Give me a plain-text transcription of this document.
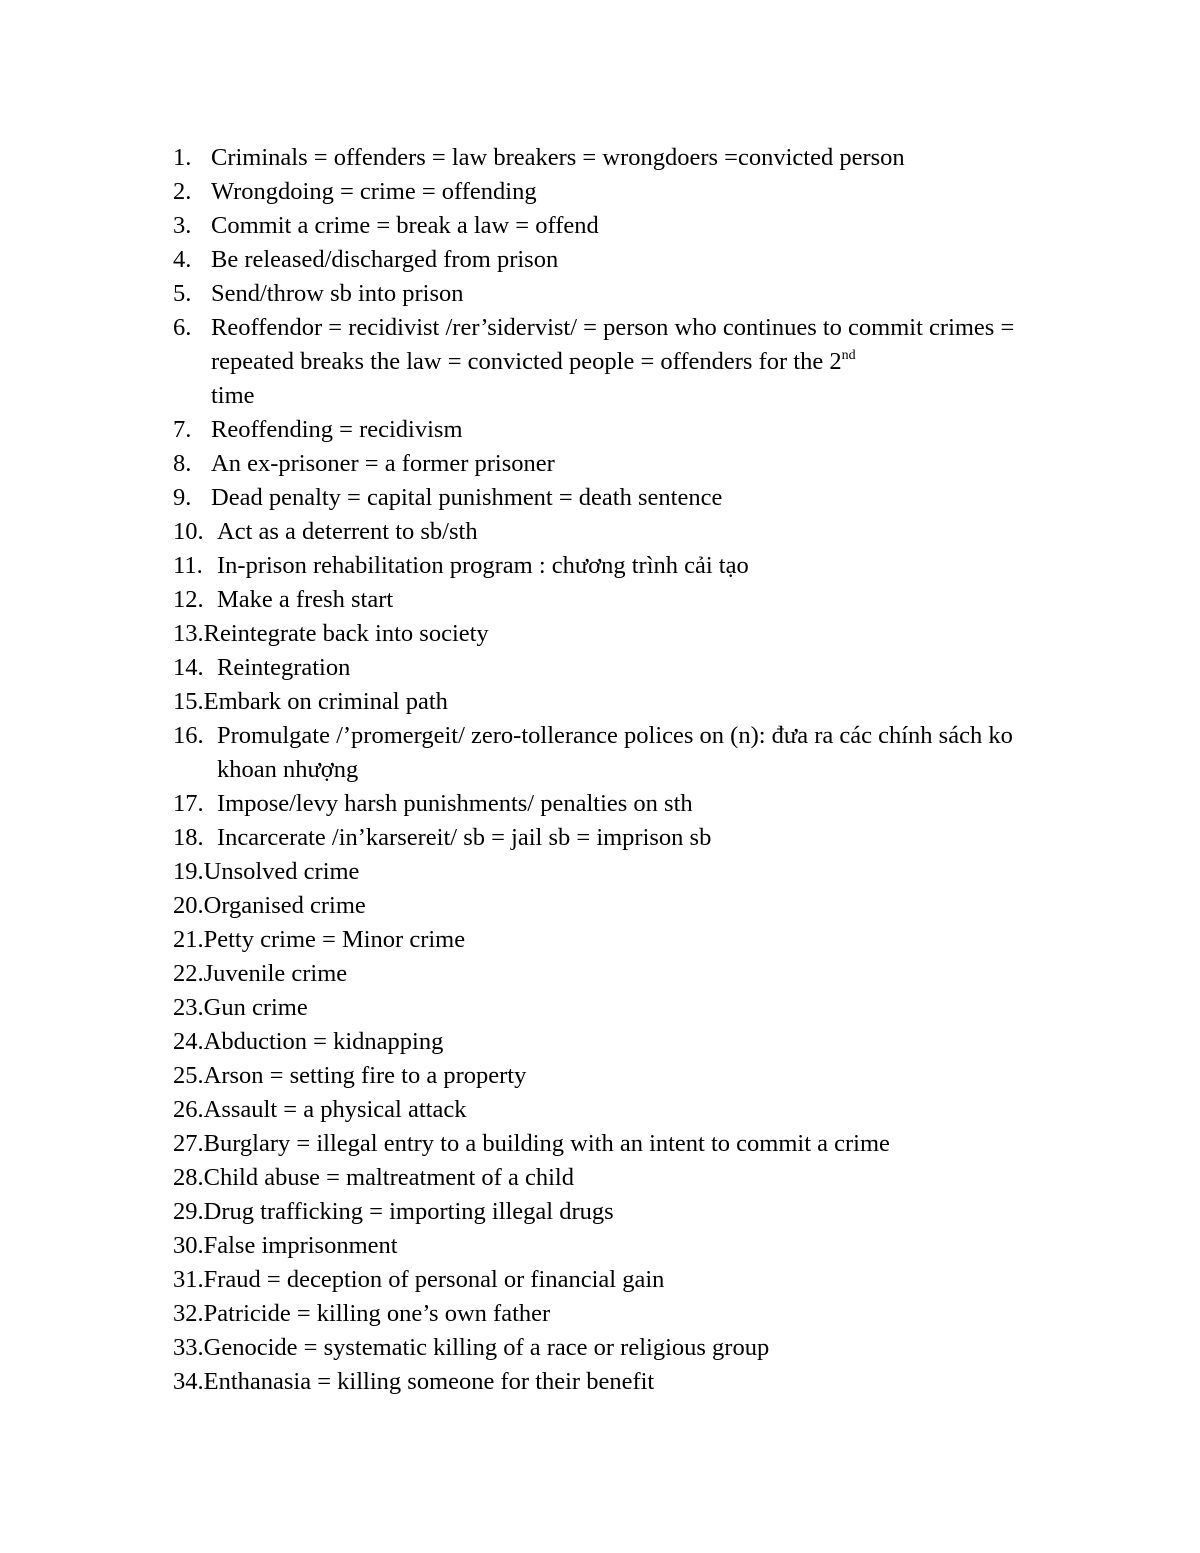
1. Criminals = offenders = law breakers = wrongdoers =convicted person
2. Wrongdoing = crime = offending
3. Commit a crime = break a law = offend
4. Be released/discharged from prison
5. Send/throw sb into prison
6. Reoffendor = recidivist /rer’sidervist/ = person who continues to commit crimes = repeated breaks the law = convicted people = offenders for the 2nd
time
7. Reoffending = recidivism
8. An ex-prisoner = a former prisoner
9. Dead penalty = capital punishment = death sentence
10. Act as a deterrent to sb/sth
11. In-prison rehabilitation program : chương trình cải tạo
12. Make a fresh start
13. Reintegrate back into society
14. Reintegration
15. Embark on criminal path
16. Promulgate /’promergeit/ zero-tollerance polices on (n): đưa ra các chính sách ko khoan nhượng
17. Impose/levy harsh punishments/ penalties on sth
18. Incarcerate /in’karsereit/ sb = jail sb = imprison sb
19. Unsolved crime
20. Organised crime
21. Petty crime = Minor crime
22. Juvenile crime
23. Gun crime
24. Abduction = kidnapping
25. Arson = setting fire to a property
26. Assault = a physical attack
27. Burglary = illegal entry to a building with an intent to commit a crime
28. Child abuse = maltreatment of a child
29. Drug trafficking = importing illegal drugs
30. False imprisonment
31. Fraud = deception of personal or financial gain
32. Patricide = killing one’s own father
33. Genocide = systematic killing of a race or religious group
34. Enthanasia = killing someone for their benefit
